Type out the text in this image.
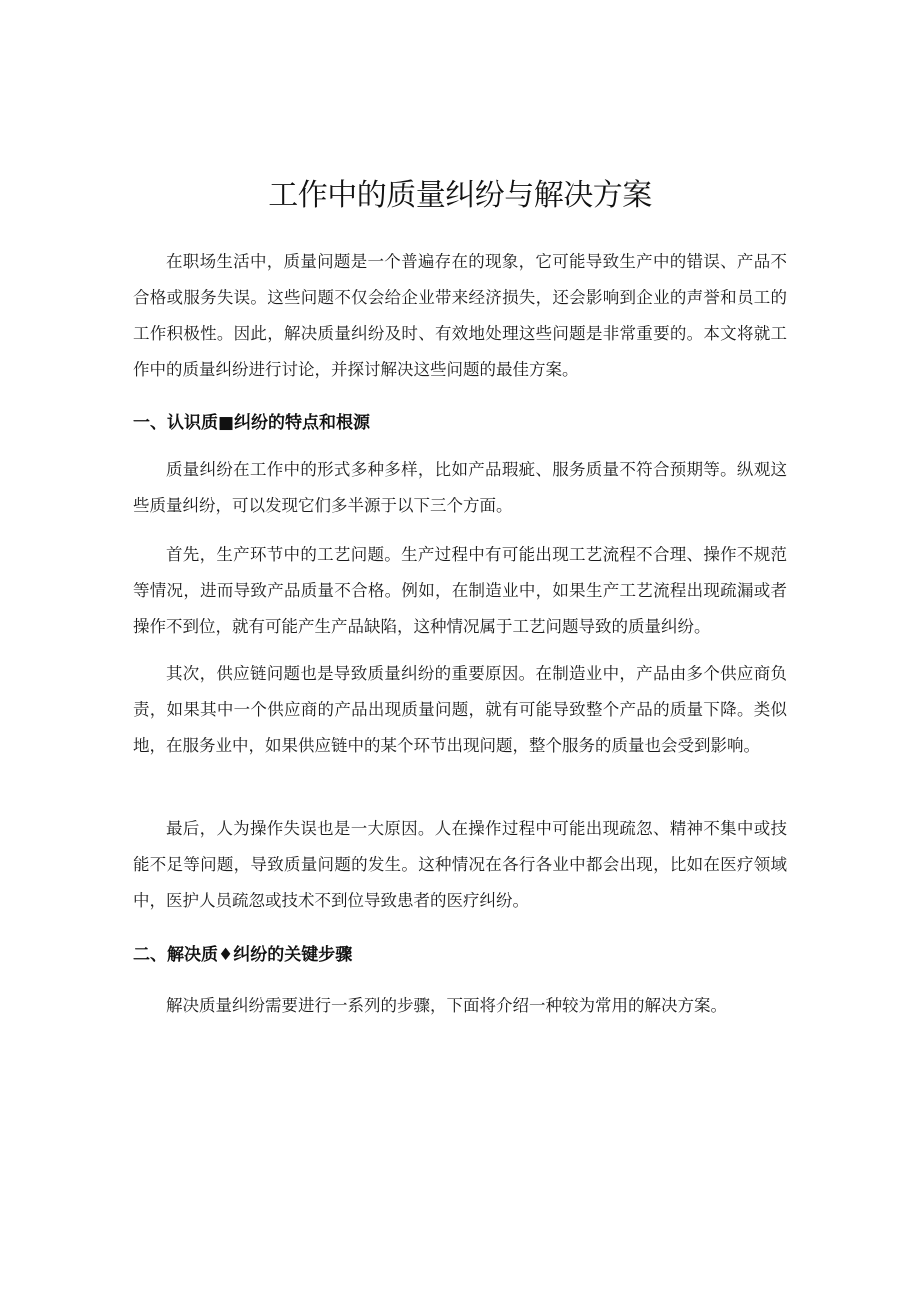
工作中的质量纠纷与解决方案

在职场生活中，质量问题是一个普遍存在的现象，它可能导致生产中的错误、产品不合格或服务失误。这些问题不仅会给企业带来经济损失，还会影响到企业的声誉和员工的工作积极性。因此，解决质量纠纷及时、有效地处理这些问题是非常重要的。本文将就工作中的质量纠纷进行讨论，并探讨解决这些问题的最佳方案。

一、认识质■纠纷的特点和根源

质量纠纷在工作中的形式多种多样，比如产品瑕疵、服务质量不符合预期等。纵观这些质量纠纷，可以发现它们多半源于以下三个方面。

首先，生产环节中的工艺问题。生产过程中有可能出现工艺流程不合理、操作不规范等情况，进而导致产品质量不合格。例如，在制造业中，如果生产工艺流程出现疏漏或者操作不到位，就有可能产生产品缺陷，这种情况属于工艺问题导致的质量纠纷。

其次，供应链问题也是导致质量纠纷的重要原因。在制造业中，产品由多个供应商负责，如果其中一个供应商的产品出现质量问题，就有可能导致整个产品的质量下降。类似地，在服务业中，如果供应链中的某个环节出现问题，整个服务的质量也会受到影响。

最后，人为操作失误也是一大原因。人在操作过程中可能出现疏忽、精神不集中或技能不足等问题，导致质量问题的发生。这种情况在各行各业中都会出现，比如在医疗领域中，医护人员疏忽或技术不到位导致患者的医疗纠纷。

二、解决质♦纠纷的关键步骤

解决质量纠纷需要进行一系列的步骤，下面将介绍一种较为常用的解决方案。
